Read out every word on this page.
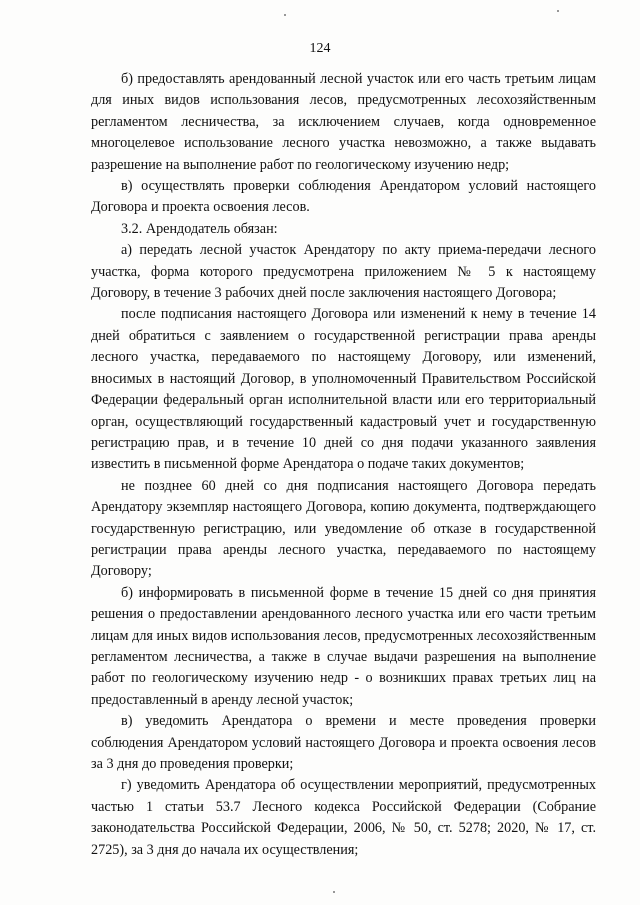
124

б) предоставлять арендованный лесной участок или его часть третьим лицам для иных видов использования лесов, предусмотренных лесохозяйственным регламентом лесничества, за исключением случаев, когда одновременное многоцелевое использование лесного участка невозможно, а также выдавать разрешение на выполнение работ по геологическому изучению недр;

в) осуществлять проверки соблюдения Арендатором условий настоящего Договора и проекта освоения лесов.

3.2. Арендодатель обязан:

а) передать лесной участок Арендатору по акту приема-передачи лесного участка, форма которого предусмотрена приложением № 5 к настоящему Договору, в течение 3 рабочих дней после заключения настоящего Договора;

после подписания настоящего Договора или изменений к нему в течение 14 дней обратиться с заявлением о государственной регистрации права аренды лесного участка, передаваемого по настоящему Договору, или изменений, вносимых в настоящий Договор, в уполномоченный Правительством Российской Федерации федеральный орган исполнительной власти или его территориальный орган, осуществляющий государственный кадастровый учет и государственную регистрацию прав, и в течение 10 дней со дня подачи указанного заявления известить в письменной форме Арендатора о подаче таких документов;

не позднее 60 дней со дня подписания настоящего Договора передать Арендатору экземпляр настоящего Договора, копию документа, подтверждающего государственную регистрацию, или уведомление об отказе в государственной регистрации права аренды лесного участка, передаваемого по настоящему Договору;

б) информировать в письменной форме в течение 15 дней со дня принятия решения о предоставлении арендованного лесного участка или его части третьим лицам для иных видов использования лесов, предусмотренных лесохозяйственным регламентом лесничества, а также в случае выдачи разрешения на выполнение работ по геологическому изучению недр - о возникших правах третьих лиц на предоставленный в аренду лесной участок;

в) уведомить Арендатора о времени и месте проведения проверки соблюдения Арендатором условий настоящего Договора и проекта освоения лесов за 3 дня до проведения проверки;

г) уведомить Арендатора об осуществлении мероприятий, предусмотренных частью 1 статьи 53.7 Лесного кодекса Российской Федерации (Собрание законодательства Российской Федерации, 2006, № 50, ст. 5278; 2020, № 17, ст. 2725), за 3 дня до начала их осуществления;
